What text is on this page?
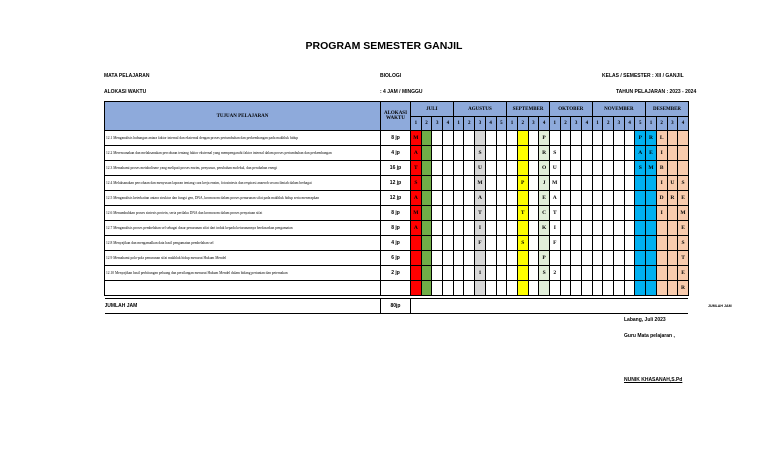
PROGRAM SEMESTER GANJIL
MATA PELAJARAN	BIOLOGI
ALOKASI WAKTU	: 4 JAM / MINGGU
KELAS / SEMESTER : XII / GANJIL
TAHUN PELAJARAN : 2023 - 2024
TUJUAN PELAJARAN	ALOKASI WAKTU	JULI				AGUSTUS					SEPTEMBER				OKTOBER				NOVEMBER					DESEMBER			
		1	2	3	4	1	2	3	4	5	1	2	3	4	1	2	3	4	1	2	3	4	5	1	2	3	4
12.1 Menganalisis hubungan antara faktor internal dan eksternal dengan proses pertumbuhan dan perkembangan pada makhluk hidup	8 jp	M												P									P	R	L		
12.2 Merencanakan dan melaksanakan percobaan tentang faktor eksternal yang mempengaruhi faktor internal dalam proses pertumbuhan dan perkembangan	4 jp	A						S						R	S								A	E	I		
12.3 Memahami proses metabolisme yang meliputi proses enzim, penyusun, perubahan molekul, dan perubahan energi	16 jp	T						U						O	U								S	M	B		
12.4 Melaksanakan percobaan dan menyusun laporan tentang cara kerja enzim, fotosintesis dan respirasi anaerob secara ilmiah dalam berbagai	12 jp	S						M				P		J	M										I	U	S
12.5 Menganalisis keterkaitan antara struktur dan fungsi gen, DNA, kromosom dalam proses penurunan sifat pada makhluk hidup serta menerapkan	12 jp	A						A						E	A										D	R	E
12.6 Menumbuhkan proses sintesis protein, serta perilaku DNA dan kromosom dalam proses penyatuan sifat	8 jp	M						T				T		C	T										I		M
12.7 Menganalisis proses pembelahan sel sebagai dasar penurunan sifat dari induk kepada keturunannya berdasarkan pengamatan	8 jp	A						I						K	I												E
12.8 Menyajikan dan mengamalkan data hasil pengamatan pembelahan sel	4 jp							F				S			F												S
12.9 Memahami pola-pola penurunan sifat makhluk hidup menurut Hukum Mendel	6 jp													P													T
12.10 Menyajikan hasil perhitungan peluang dan persilangan menurut Hukum Mendel dalam bidang pertanian dan peternakan	2 jp							1						S	2												E
																											R

JUMLAH JAM	80jp																											JUMLAH JAM
Labang, Juli 2023
Guru Mata pelajaran ,
NUNIK KHASANAH,S.Pd
